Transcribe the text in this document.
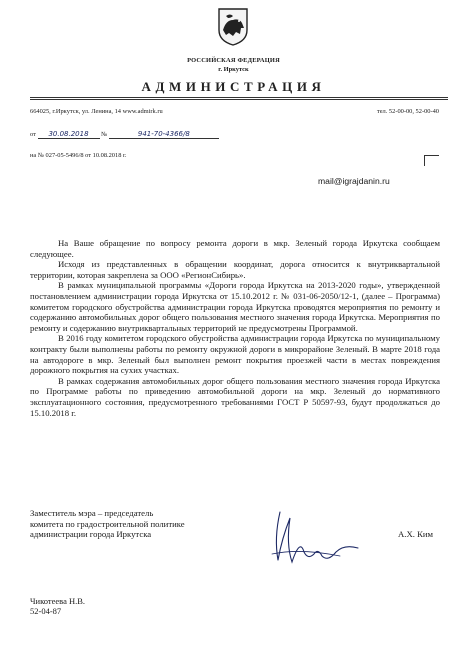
РОССИЙСКАЯ ФЕДЕРАЦИЯ
г. Иркутск
АДМИНИСТРАЦИЯ
664025, г.Иркутск, ул. Ленина, 14 www.admirk.ru	тел. 52-00-00, 52-00-40
от 30.08.2018 №	941-70-4366/8
на № 027-05-5496/8 от 10.08.2018 г.
mail@igrajdanin.ru

На Ваше обращение по вопросу ремонта дороги в мкр. Зеленый города Иркутска сообщаем следующее.

Исходя из представленных в обращении координат, дорога относится к внутриквартальной территории, которая закреплена за ООО «РегионСибирь».

В рамках муниципальной программы «Дороги города Иркутска на 2013-2020 годы», утвержденной постановлением администрации города Иркутска от 15.10.2012 г. № 031-06-2050/12-1, (далее – Программа) комитетом городского обустройства администрации города Иркутска проводятся мероприятия по ремонту и содержанию автомобильных дорог общего пользования местного значения города Иркутска. Мероприятия по ремонту и содержанию внутриквартальных территорий не предусмотрены Программой.

В 2016 году комитетом городского обустройства администрации города Иркутска по муниципальному контракту были выполнены работы по ремонту окружной дороги в микрорайоне Зеленый. В марте 2018 года на автодороге в мкр. Зеленый был выполнен ремонт покрытия проезжей части в местах повреждения дорожного покрытия на сухих участках.

В рамках содержания автомобильных дорог общего пользования местного значения города Иркутска по Программе работы по приведению автомобильной дороги на мкр. Зеленый до нормативного эксплуатационного состояния, предусмотренного требованиями ГОСТ Р 50597-93, будут продолжаться до 15.10.2018 г.

Заместитель мэра – председатель
комитета по градостроительной политике
администрации города Иркутска	А.Х. Ким
Чикотеева Н.В.
52-04-87
